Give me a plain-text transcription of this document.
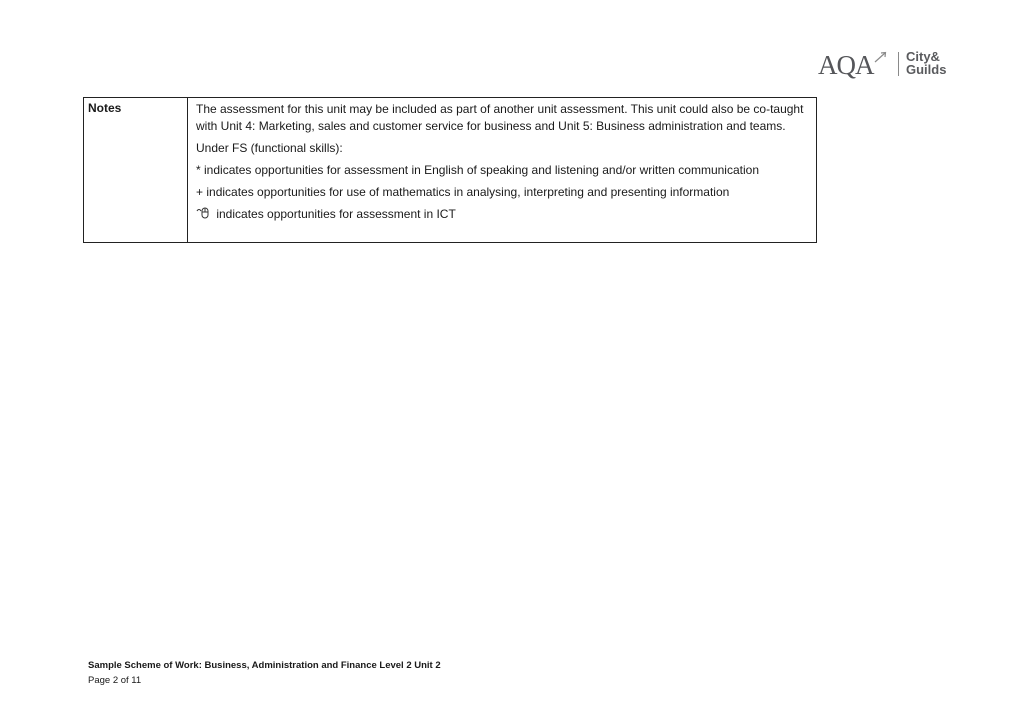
AQA	City&
Guilds
Notes	The assessment for this unit may be included as part of another unit assessment. This unit could also be co-taught with Unit 4: Marketing, sales and customer service for business and Unit 5: Business administration and teams.

Under FS (functional skills):

* indicates opportunities for assessment in English of speaking and listening and/or written communication
+ indicates opportunities for use of mathematics in analysing, interpreting and presenting information
indicates opportunities for assessment in ICT
Sample Scheme of Work: Business, Administration and Finance Level 2 Unit 2
Page 2 of 11
